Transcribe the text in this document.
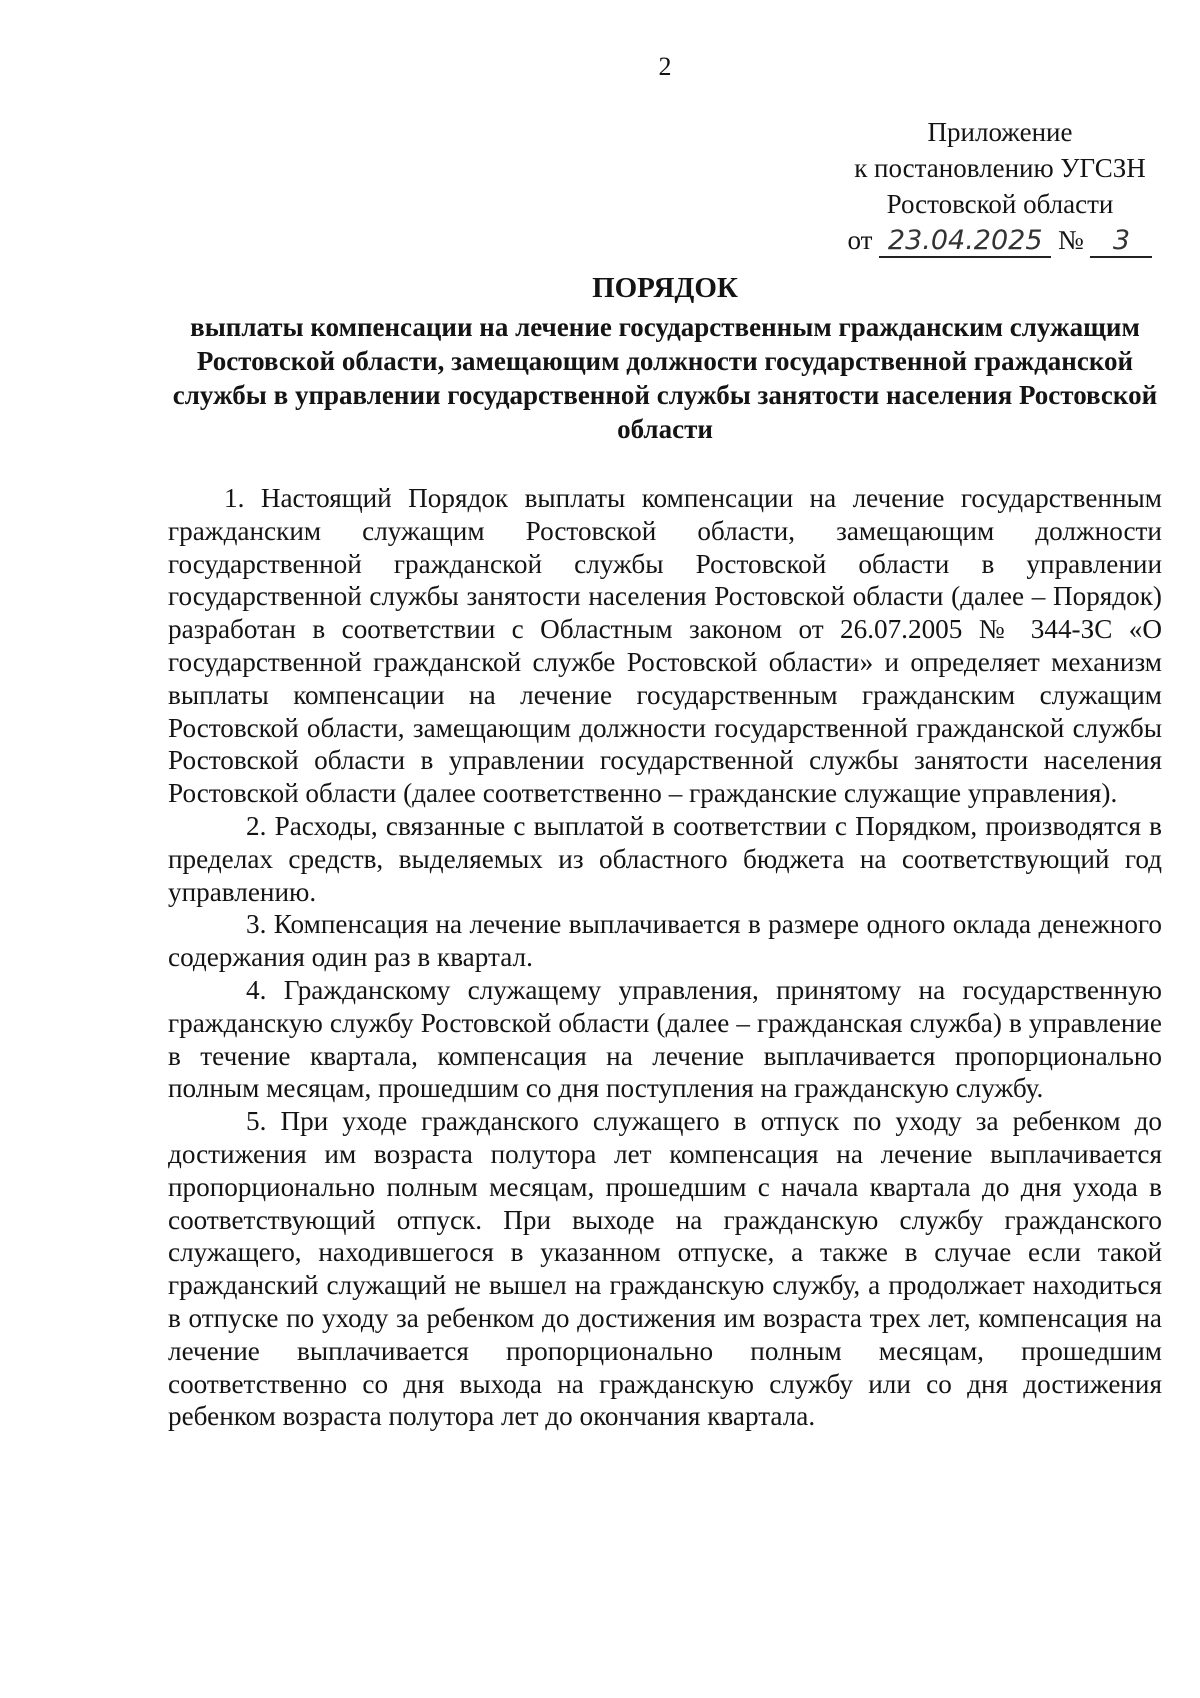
2
Приложение
к постановлению УГСЗН
Ростовской области
от 23.04.2025 № 3
ПОРЯДОК
выплаты компенсации на лечение государственным гражданским служащим Ростовской области, замещающим должности государственной гражданской службы в управлении государственной службы занятости населения Ростовской области

1. Настоящий Порядок выплаты компенсации на лечение государственным гражданским служащим Ростовской области, замещающим должности государственной гражданской службы Ростовской области в управлении государственной службы занятости населения Ростовской области (далее – Порядок) разработан в соответствии с Областным законом от 26.07.2005 № 344-ЗС «О государственной гражданской службе Ростовской области» и определяет механизм выплаты компенсации на лечение государственным гражданским служащим Ростовской области, замещающим должности государственной гражданской службы Ростовской области в управлении государственной службы занятости населения Ростовской области (далее соответственно – гражданские служащие управления).

2. Расходы, связанные с выплатой в соответствии с Порядком, производятся в пределах средств, выделяемых из областного бюджета на соответствующий год управлению.

3. Компенсация на лечение выплачивается в размере одного оклада денежного содержания один раз в квартал.

4. Гражданскому служащему управления, принятому на государственную гражданскую службу Ростовской области (далее – гражданская служба) в управление в течение квартала, компенсация на лечение выплачивается пропорционально полным месяцам, прошедшим со дня поступления на гражданскую службу.

5. При уходе гражданского служащего в отпуск по уходу за ребенком до достижения им возраста полутора лет компенсация на лечение выплачивается пропорционально полным месяцам, прошедшим с начала квартала до дня ухода в соответствующий отпуск. При выходе на гражданскую службу гражданского служащего, находившегося в указанном отпуске, а также в случае если такой гражданский служащий не вышел на гражданскую службу, а продолжает находиться в отпуске по уходу за ребенком до достижения им возраста трех лет, компенсация на лечение выплачивается пропорционально полным месяцам, прошедшим соответственно со дня выхода на гражданскую службу или со дня достижения ребенком возраста полутора лет до окончания квартала.
